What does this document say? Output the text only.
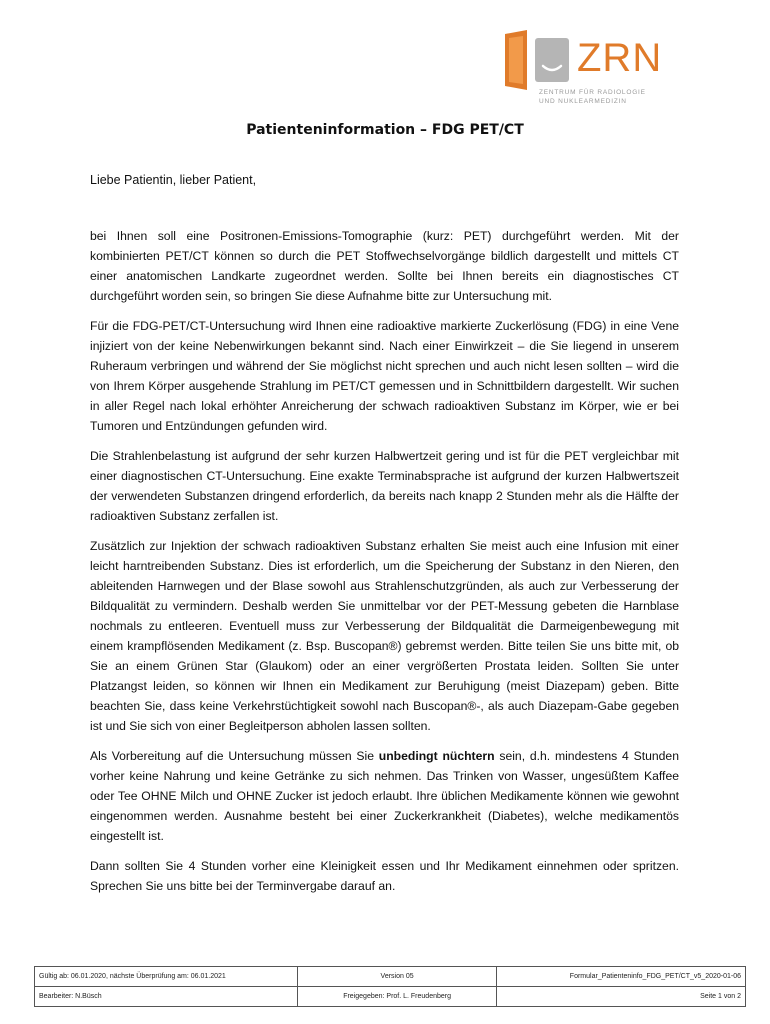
ZRN
ZENTRUM FÜR RADIOLOGIE
UND NUKLEARMEDIZIN
Patienteninformation – FDG PET/CT
Liebe Patientin, lieber Patient,

bei Ihnen soll eine Positronen-Emissions-Tomographie (kurz: PET) durchgeführt werden. Mit der kombinierten PET/CT können so durch die PET Stoffwechselvorgänge bildlich dargestellt und mittels CT einer anatomischen Landkarte zugeordnet werden. Sollte bei Ihnen bereits ein diagnostisches CT durchgeführt worden sein, so bringen Sie diese Aufnahme bitte zur Untersuchung mit.

Für die FDG-PET/CT-Untersuchung wird Ihnen eine radioaktive markierte Zuckerlösung (FDG) in eine Vene injiziert von der keine Nebenwirkungen bekannt sind. Nach einer Einwirkzeit – die Sie liegend in unserem Ruheraum verbringen und während der Sie möglichst nicht sprechen und auch nicht lesen sollten – wird die von Ihrem Körper ausgehende Strahlung im PET/CT gemessen und in Schnittbildern dargestellt. Wir suchen in aller Regel nach lokal erhöhter Anreicherung der schwach radioaktiven Substanz im Körper, wie er bei Tumoren und Entzündungen gefunden wird.

Die Strahlenbelastung ist aufgrund der sehr kurzen Halbwertzeit gering und ist für die PET vergleichbar mit einer diagnostischen CT-Untersuchung. Eine exakte Terminabsprache ist aufgrund der kurzen Halbwertszeit der verwendeten Substanzen dringend erforderlich, da bereits nach knapp 2 Stunden mehr als die Hälfte der radioaktiven Substanz zerfallen ist.

Zusätzlich zur Injektion der schwach radioaktiven Substanz erhalten Sie meist auch eine Infusion mit einer leicht harntreibenden Substanz. Dies ist erforderlich, um die Speicherung der Substanz in den Nieren, den ableitenden Harnwegen und der Blase sowohl aus Strahlenschutzgründen, als auch zur Verbesserung der Bildqualität zu vermindern. Deshalb werden Sie unmittelbar vor der PET-Messung gebeten die Harnblase nochmals zu entleeren. Eventuell muss zur Verbesserung der Bildqualität die Darmeigenbewegung mit einem krampflösenden Medikament (z. Bsp. Buscopan®) gebremst werden. Bitte teilen Sie uns bitte mit, ob Sie an einem Grünen Star (Glaukom) oder an einer vergrößerten Prostata leiden. Sollten Sie unter Platzangst leiden, so können wir Ihnen ein Medikament zur Beruhigung (meist Diazepam) geben. Bitte beachten Sie, dass keine Verkehrstüchtigkeit sowohl nach Buscopan®-, als auch Diazepam-Gabe gegeben ist und Sie sich von einer Begleitperson abholen lassen sollten.

Als Vorbereitung auf die Untersuchung müssen Sie unbedingt nüchtern sein, d.h. mindestens 4 Stunden vorher keine Nahrung und keine Getränke zu sich nehmen. Das Trinken von Wasser, ungesüßtem Kaffee oder Tee OHNE Milch und OHNE Zucker ist jedoch erlaubt. Ihre üblichen Medikamente können wie gewohnt eingenommen werden. Ausnahme besteht bei einer Zuckerkrankheit (Diabetes), welche medikamentös eingestellt ist.

Dann sollten Sie 4 Stunden vorher eine Kleinigkeit essen und Ihr Medikament einnehmen oder spritzen. Sprechen Sie uns bitte bei der Terminvergabe darauf an.

Gültig ab: 06.01.2020, nächste Überprüfung am: 06.01.2021	Version 05	Formular_Patienteninfo_FDG_PET/CT_v5_2020-01-06
Bearbeiter: N.Büsch	Freigegeben: Prof. L. Freudenberg	Seite 1 von 2
